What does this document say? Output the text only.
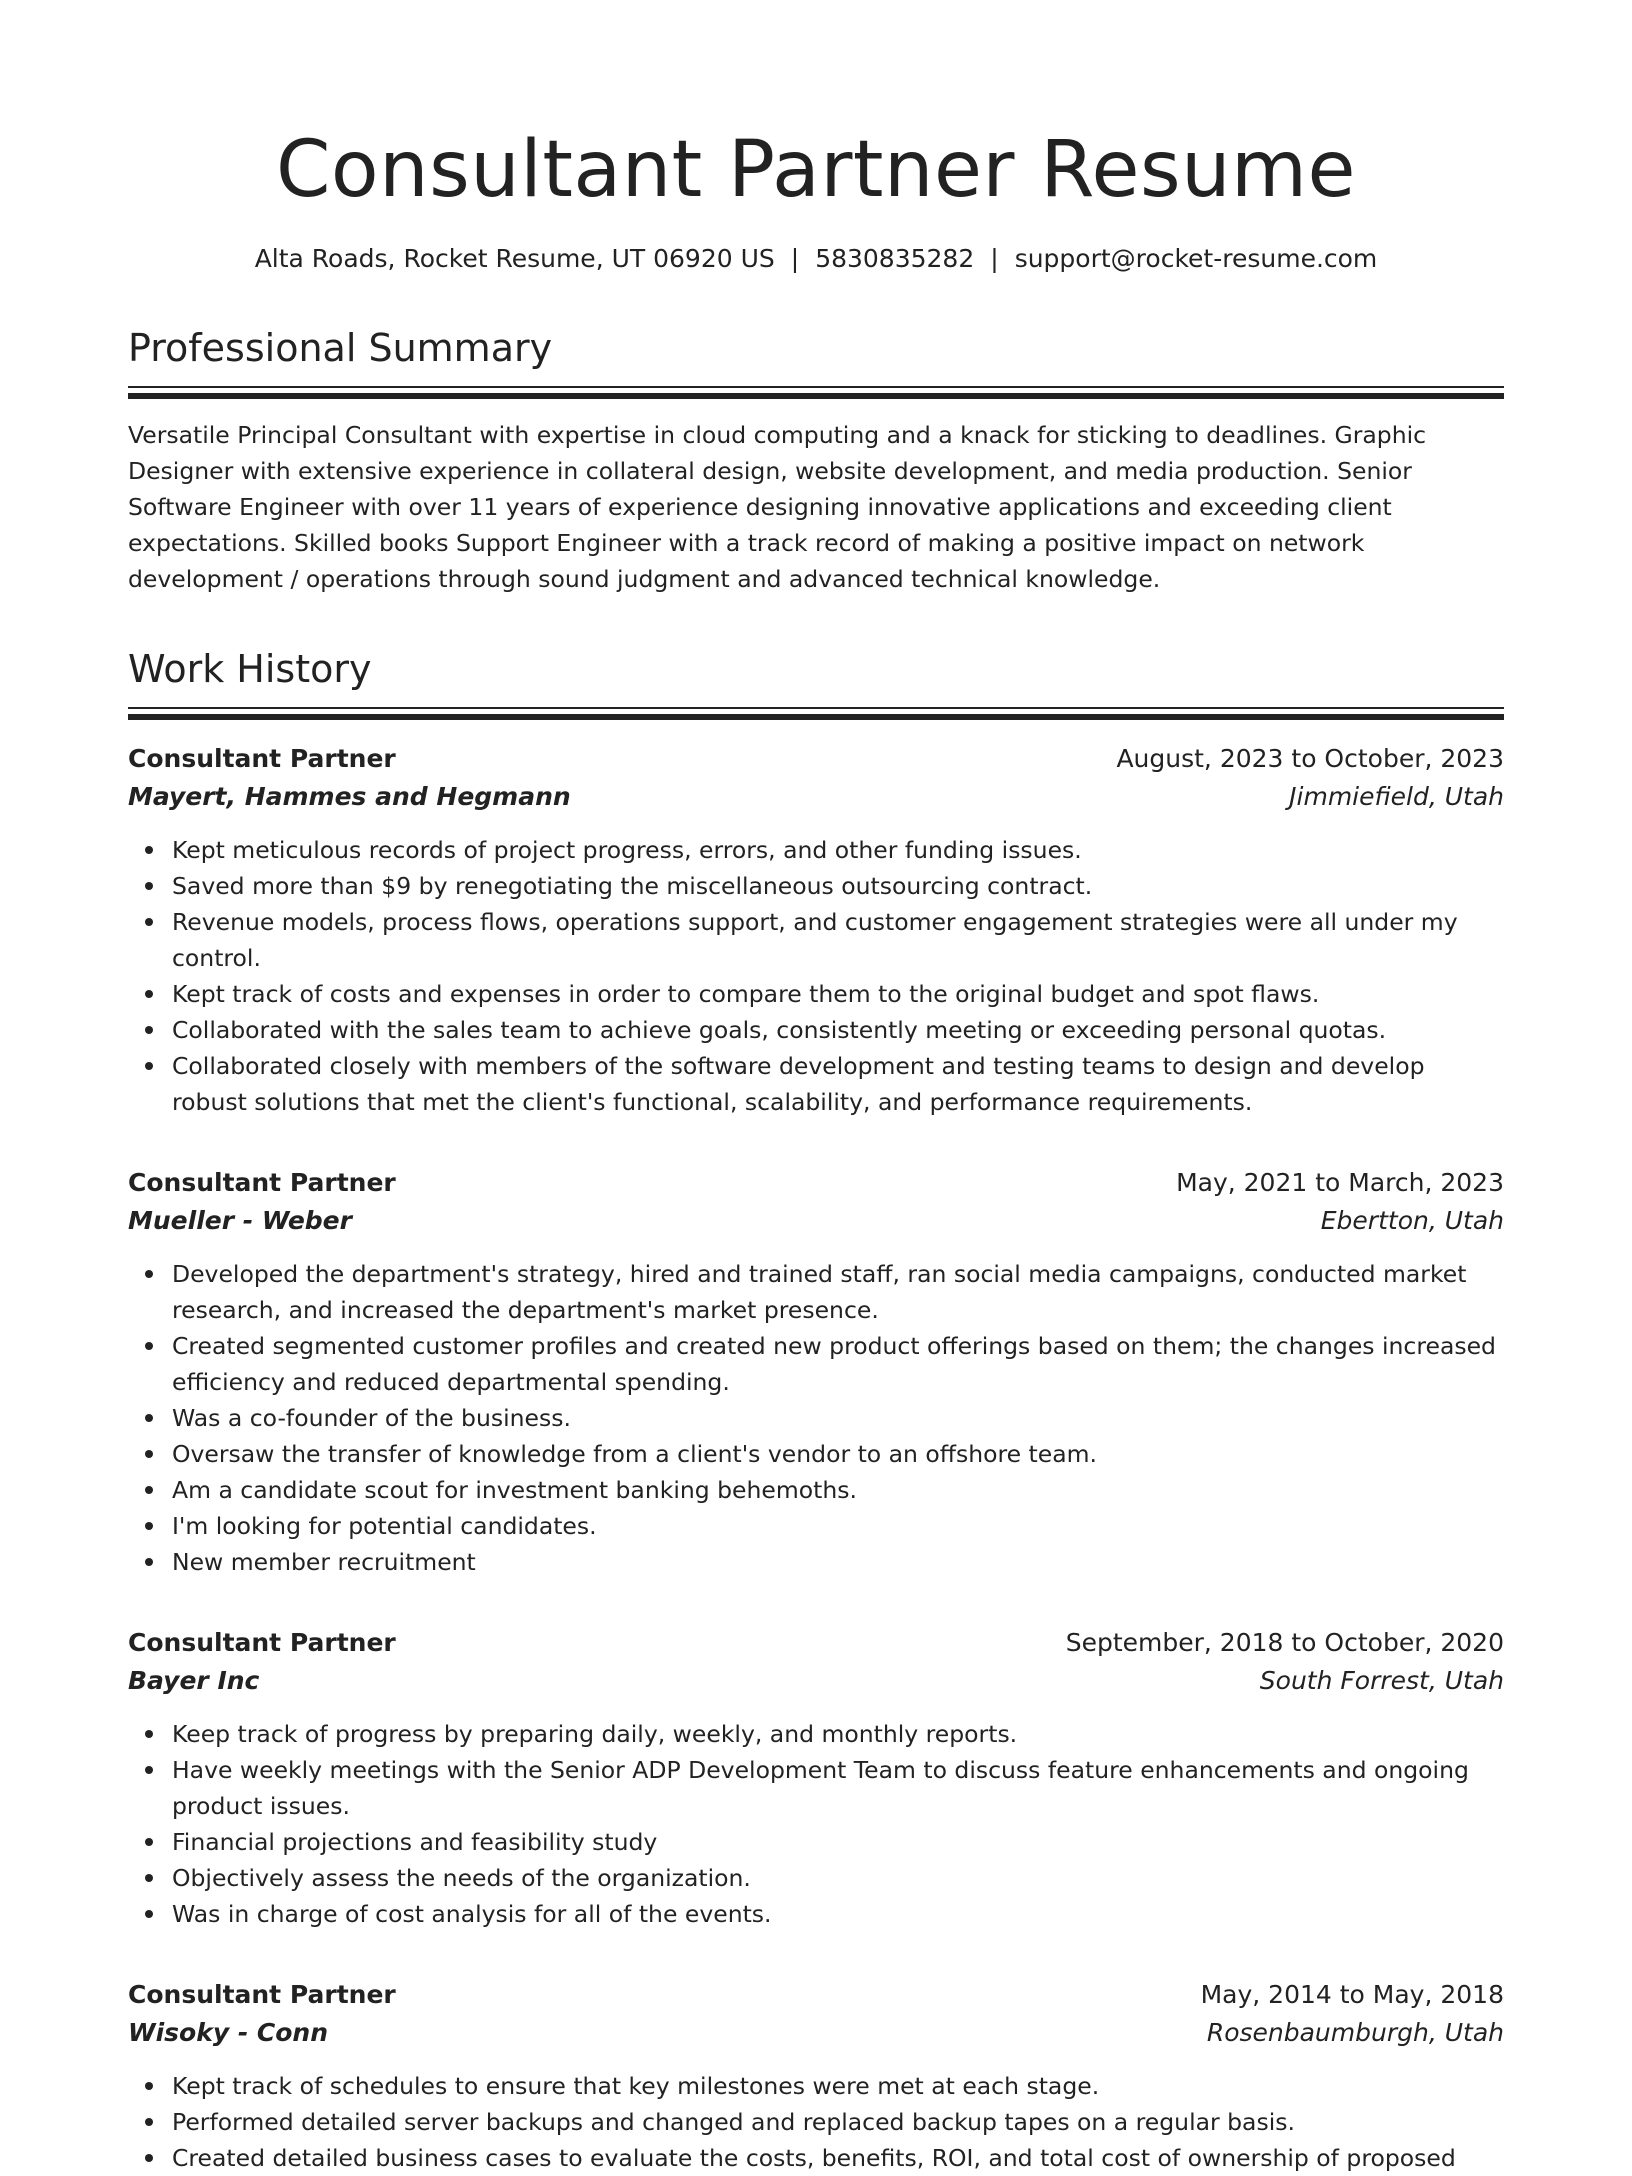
Consultant Partner Resume
Alta Roads, Rocket Resume, UT 06920 US | 5830835282 | support@rocket-resume.com
Professional Summary

Versatile Principal Consultant with expertise in cloud computing and a knack for sticking to deadlines. Graphic Designer with extensive experience in collateral design, website development, and media production. Senior Software Engineer with over 11 years of experience designing innovative applications and exceeding client expectations. Skilled books Support Engineer with a track record of making a positive impact on network development / operations through sound judgment and advanced technical knowledge.

Work History
Consultant Partner	August, 2023 to October, 2023
Mayert, Hammes and Hegmann	Jimmiefield, Utah
Kept meticulous records of project progress, errors, and other funding issues.
Saved more than $9 by renegotiating the miscellaneous outsourcing contract.
Revenue models, process flows, operations support, and customer engagement strategies were all under my control.
Kept track of costs and expenses in order to compare them to the original budget and spot flaws.
Collaborated with the sales team to achieve goals, consistently meeting or exceeding personal quotas.
Collaborated closely with members of the software development and testing teams to design and develop robust solutions that met the client's functional, scalability, and performance requirements.
Consultant Partner	May, 2021 to March, 2023
Mueller - Weber	Ebertton, Utah
Developed the department's strategy, hired and trained staff, ran social media campaigns, conducted market research, and increased the department's market presence.
Created segmented customer profiles and created new product offerings based on them; the changes increased efficiency and reduced departmental spending.
Was a co-founder of the business.
Oversaw the transfer of knowledge from a client's vendor to an offshore team.
Am a candidate scout for investment banking behemoths.
I'm looking for potential candidates.
New member recruitment
Consultant Partner	September, 2018 to October, 2020
Bayer Inc	South Forrest, Utah
Keep track of progress by preparing daily, weekly, and monthly reports.
Have weekly meetings with the Senior ADP Development Team to discuss feature enhancements and ongoing product issues.
Financial projections and feasibility study
Objectively assess the needs of the organization.
Was in charge of cost analysis for all of the events.
Consultant Partner	May, 2014 to May, 2018
Wisoky - Conn	Rosenbaumburgh, Utah
Kept track of schedules to ensure that key milestones were met at each stage.
Performed detailed server backups and changed and replaced backup tapes on a regular basis.
Created detailed business cases to evaluate the costs, benefits, ROI, and total cost of ownership of proposed
